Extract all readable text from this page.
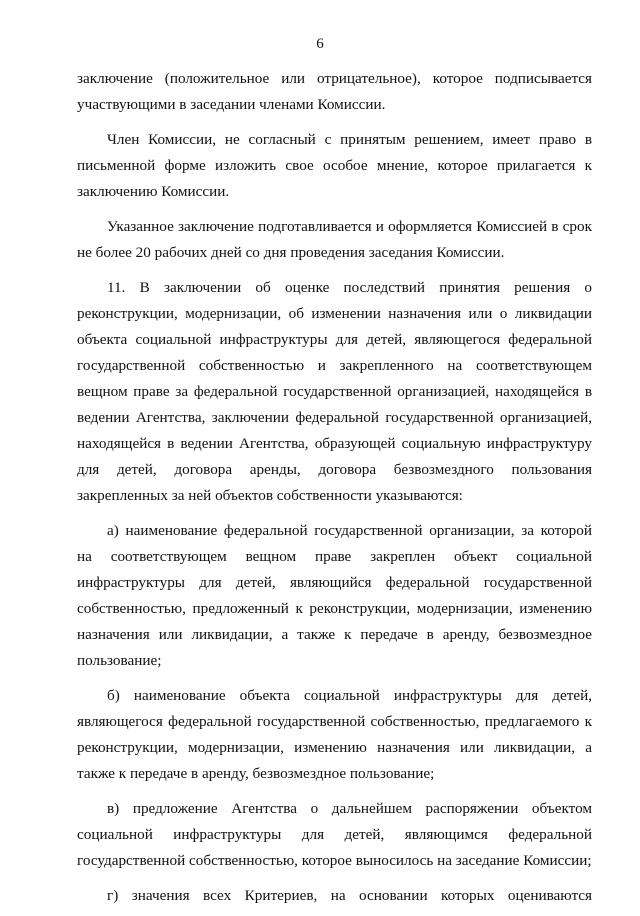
6

заключение (положительное или отрицательное), которое подписывается участвующими в заседании членами Комиссии.

Член Комиссии, не согласный с принятым решением, имеет право в письменной форме изложить свое особое мнение, которое прилагается к заключению Комиссии.

Указанное заключение подготавливается и оформляется Комиссией в срок не более 20 рабочих дней со дня проведения заседания Комиссии.

11. В заключении об оценке последствий принятия решения о реконструкции, модернизации, об изменении назначения или о ликвидации объекта социальной инфраструктуры для детей, являющегося федеральной государственной собственностью и закрепленного на соответствующем вещном праве за федеральной государственной организацией, находящейся в ведении Агентства, заключении федеральной государственной организацией, находящейся в ведении Агентства, образующей социальную инфраструктуру для детей, договора аренды, договора безвозмездного пользования закрепленных за ней объектов собственности указываются:

а) наименование федеральной государственной организации, за которой на соответствующем вещном праве закреплен объект социальной инфраструктуры для детей, являющийся федеральной государственной собственностью, предложенный к реконструкции, модернизации, изменению назначения или ликвидации, а также к передаче в аренду, безвозмездное пользование;

б) наименование объекта социальной инфраструктуры для детей, являющегося федеральной государственной собственностью, предлагаемого к реконструкции, модернизации, изменению назначения или ликвидации, а также к передаче в аренду, безвозмездное пользование;

в) предложение Агентства о дальнейшем распоряжении объектом социальной инфраструктуры для детей, являющимся федеральной государственной собственностью, которое выносилось на заседание Комиссии;

г) значения всех Критериев, на основании которых оцениваются
